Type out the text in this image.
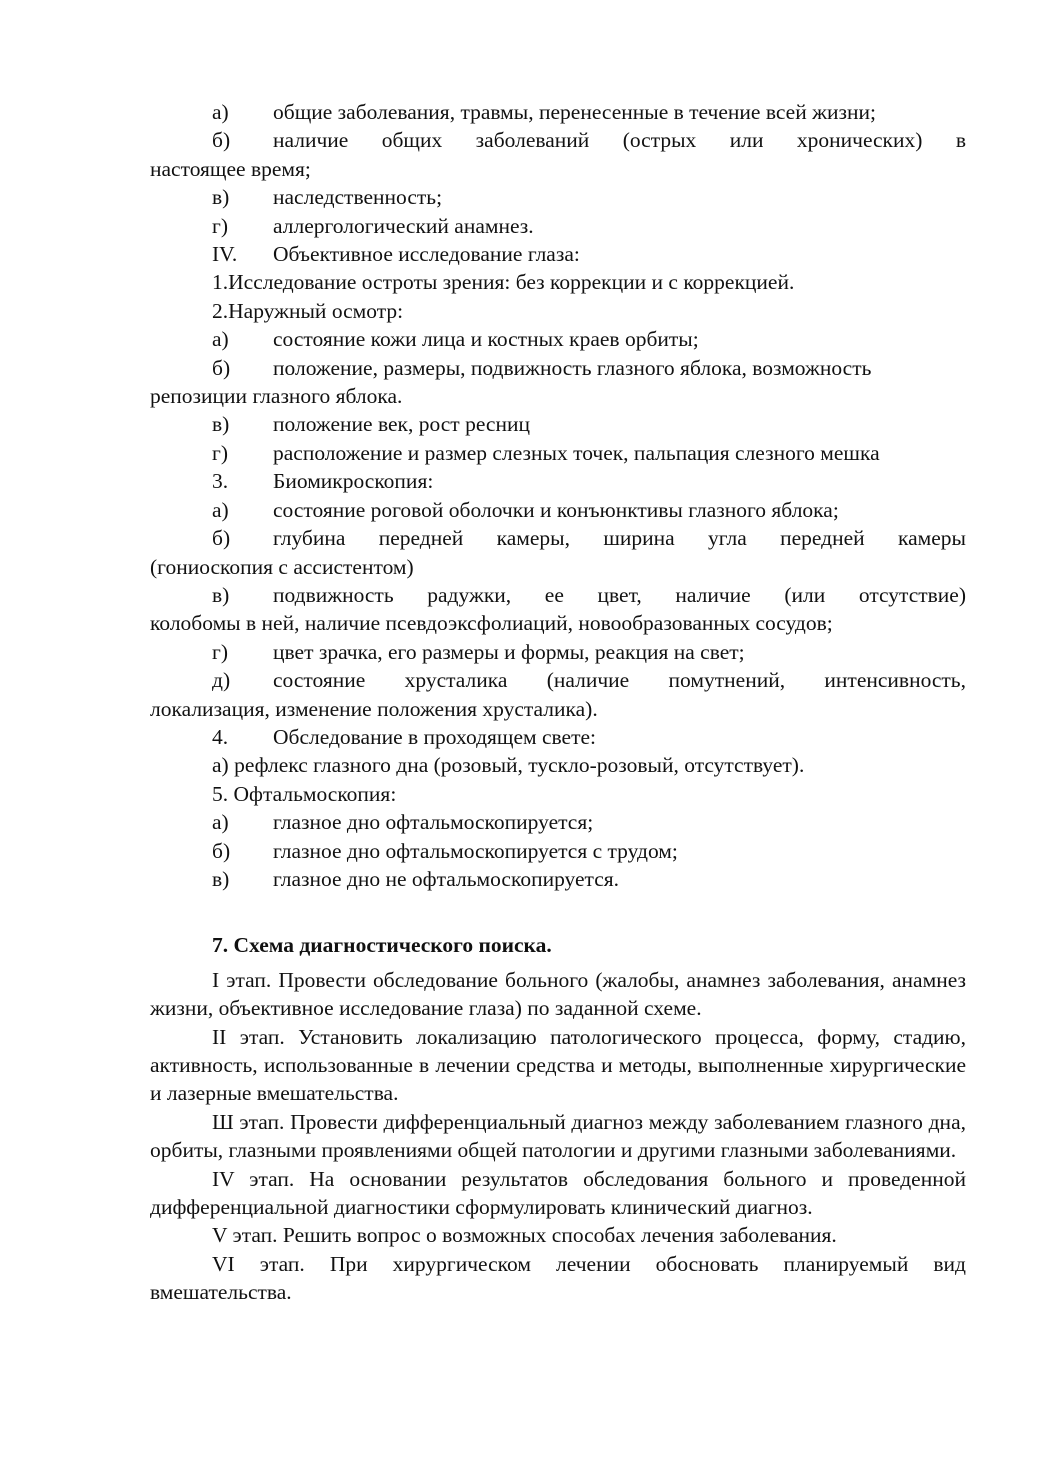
а)	общие заболевания, травмы, перенесенные в течение всей жизни;
б)	наличие общих заболеваний (острых или хронических) в
настоящее время;
в)	наследственность;
г)	аллергологический анамнез.
IV.	Объективное исследование глаза:
1.Исследование остроты зрения: без коррекции и с коррекцией.
2.Наружный осмотр:
а)	состояние кожи лица и костных краев орбиты;
б)	положение, размеры, подвижность глазного яблока, возможность
репозиции глазного яблока.
в)	положение век, рост ресниц
г)	расположение и размер слезных точек, пальпация слезного мешка
3.	Биомикроскопия:
а)	состояние роговой оболочки и конъюнктивы глазного яблока;
б)	глубина передней камеры, ширина угла передней камеры
(гониоскопия с ассистентом)
в)	подвижность радужки, ее цвет, наличие (или отсутствие)
колобомы в ней, наличие псевдоэксфолиаций, новообразованных сосудов;
г)	цвет зрачка, его размеры и формы, реакция на свет;
д)	состояние хрусталика (наличие помутнений, интенсивность,
локализация, изменение положения хрусталика).
4.	Обследование в проходящем свете:
а) рефлекс глазного дна (розовый, тускло-розовый, отсутствует).
5. Офтальмоскопия:
а)	глазное дно офтальмоскопируется;
б)	глазное дно офтальмоскопируется с трудом;
в)	глазное дно не офтальмоскопируется.
7. Схема диагностического поиска.

I этап. Провести обследование больного (жалобы, анамнез заболевания, анамнез жизни, объективное исследование глаза) по заданной схеме.

II этап. Установить локализацию патологического процесса, форму, стадию, активность, использованные в лечении средства и методы, выполненные хирургические и лазерные вмешательства.

Ш этап. Провести дифференциальный диагноз между заболеванием глазного дна, орбиты, глазными проявлениями общей патологии и другими глазными заболеваниями.

IV этап. На основании результатов обследования больного и проведенной дифференциальной диагностики сформулировать клинический диагноз.

V этап. Решить вопрос о возможных способах лечения заболевания.

VI этап. При хирургическом лечении обосновать планируемый вид вмешательства.
